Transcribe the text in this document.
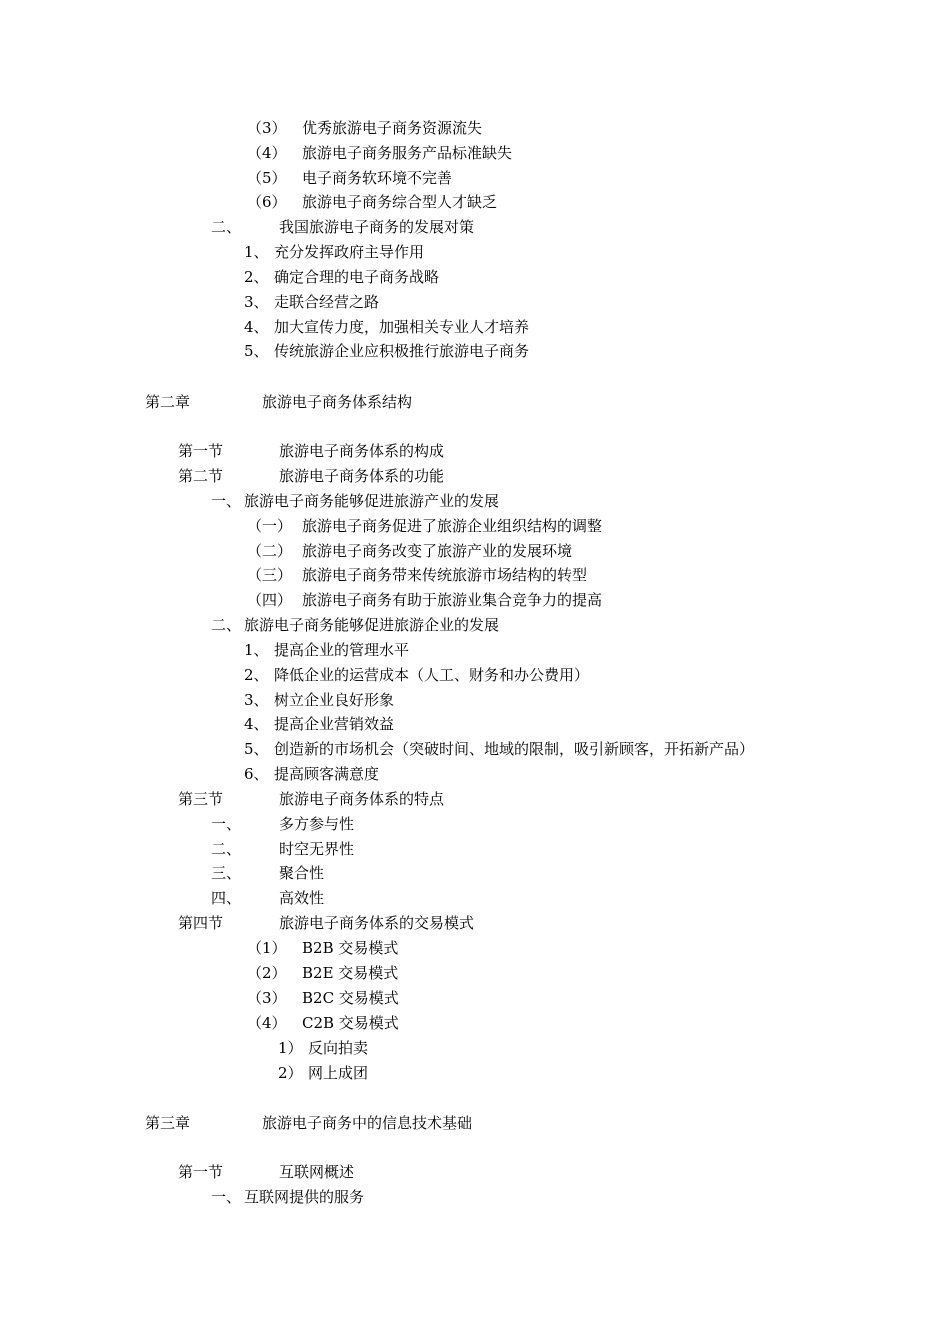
（3） 优秀旅游电子商务资源流失
（4） 旅游电子商务服务产品标准缺失
（5） 电子商务软环境不完善
（6） 旅游电子商务综合型人才缺乏
二、	我国旅游电子商务的发展对策
1、 充分发挥政府主导作用
2、 确定合理的电子商务战略
3、 走联合经营之路
4、 加大宣传力度，加强相关专业人才培养
5、 传统旅游企业应积极推行旅游电子商务
第二章	旅游电子商务体系结构
第一节	旅游电子商务体系的构成
第二节	旅游电子商务体系的功能
一、 旅游电子商务能够促进旅游产业的发展
（一） 旅游电子商务促进了旅游企业组织结构的调整
（二） 旅游电子商务改变了旅游产业的发展环境
（三） 旅游电子商务带来传统旅游市场结构的转型
（四） 旅游电子商务有助于旅游业集合竞争力的提高
二、 旅游电子商务能够促进旅游企业的发展
1、 提高企业的管理水平
2、 降低企业的运营成本（人工、财务和办公费用）
3、 树立企业良好形象
4、 提高企业营销效益
5、 创造新的市场机会（突破时间、地域的限制，吸引新顾客，开拓新产品）
6、 提高顾客满意度
第三节	旅游电子商务体系的特点
一、	多方参与性
二、	时空无界性
三、	聚合性
四、	高效性
第四节	旅游电子商务体系的交易模式
（1） B2B 交易模式
（2） B2E 交易模式
（3） B2C 交易模式
（4） C2B 交易模式
1） 反向拍卖
2） 网上成团
第三章	旅游电子商务中的信息技术基础
第一节	互联网概述
一、 互联网提供的服务
